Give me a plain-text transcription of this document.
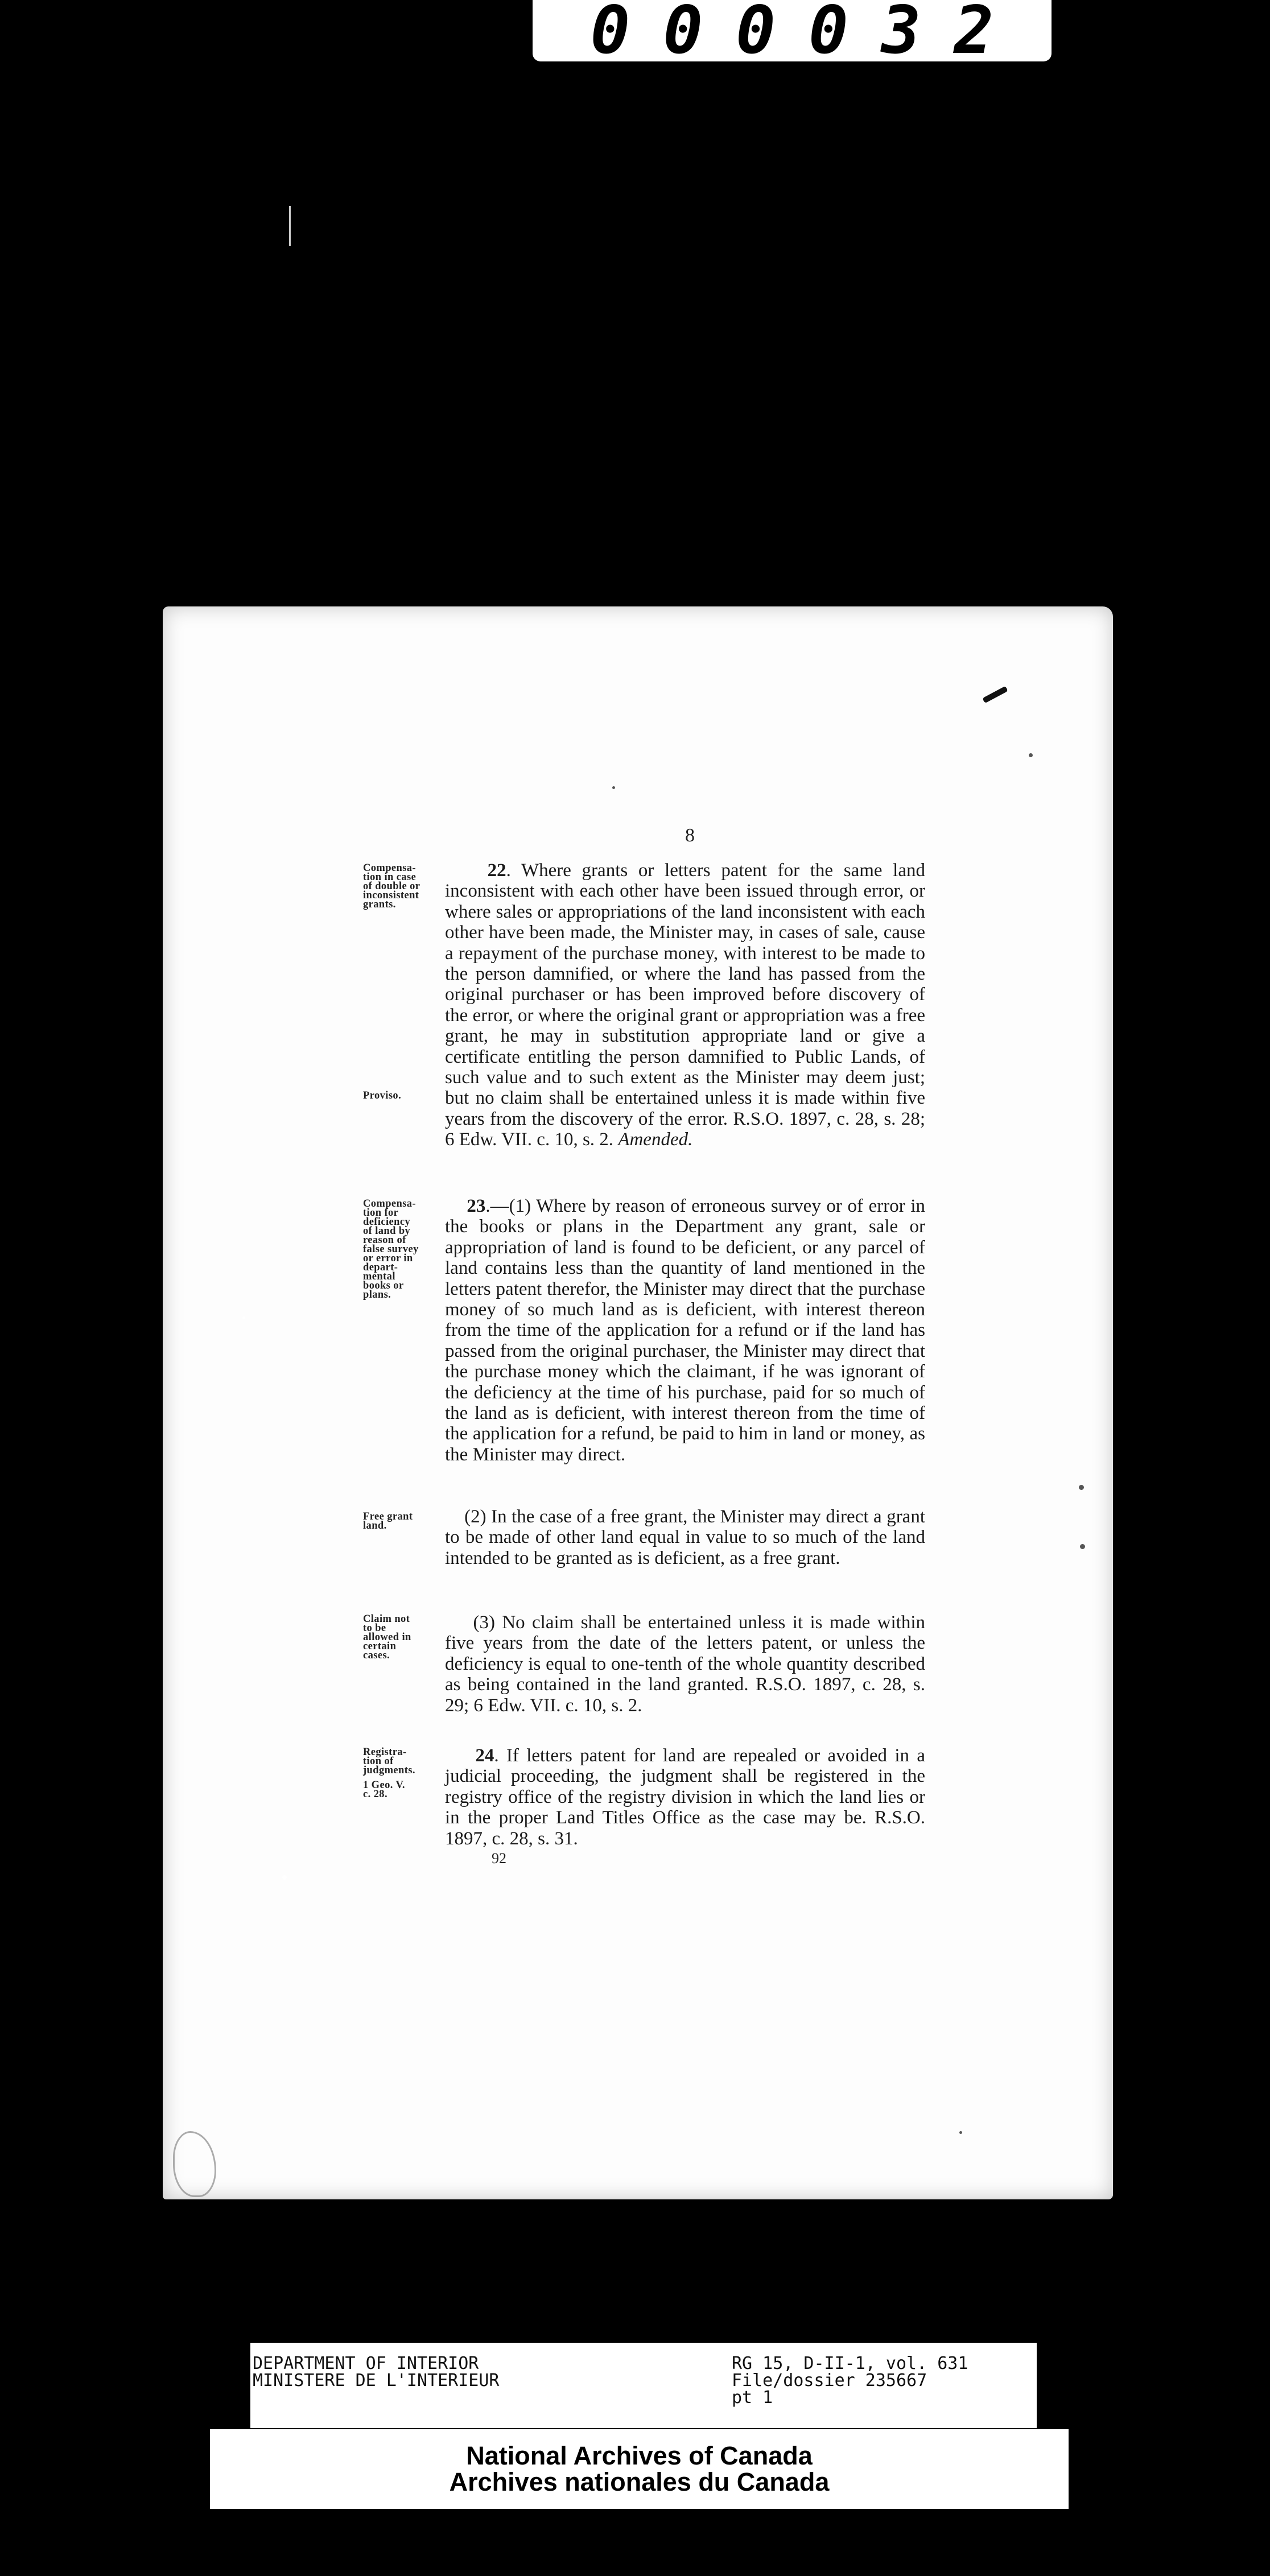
000032
8
Compensa-
tion in case
of double or
inconsistent
grants.
Proviso.
22. Where grants or letters patent for the same land inconsistent with each other have been issued through error, or where sales or appropriations of the land inconsistent with each other have been made, the Minister may, in cases of sale, cause a repayment of the purchase money, with interest to be made to the person damnified, or where the land has passed from the original purchaser or has been improved before discovery of the error, or where the original grant or appropriation was a free grant, he may in substitution appropriate land or give a certificate entitling the person damnified to Public Lands, of such value and to such extent as the Minister may deem just; but no claim shall be entertained unless it is made within five years from the discovery of the error. R.S.O. 1897, c. 28, s. 28; 6 Edw. VII. c. 10, s. 2. Amended.
Compensa-
tion for
deficiency
of land by
reason of
false survey
or error in
depart-
mental
books or
plans.
23.—(1) Where by reason of erroneous survey or of error in the books or plans in the Department any grant, sale or appropriation of land is found to be deficient, or any parcel of land contains less than the quantity of land mentioned in the letters patent therefor, the Minister may direct that the purchase money of so much land as is deficient, with interest thereon from the time of the application for a refund or if the land has passed from the original purchaser, the Minister may direct that the purchase money which the claimant, if he was ignorant of the deficiency at the time of his purchase, paid for so much of the land as is deficient, with interest thereon from the time of the application for a refund, be paid to him in land or money, as the Minister may direct.
Free grant
land.	(2) In the case of a free grant, the Minister may direct a grant to be made of other land equal in value to so much of the land intended to be granted as is deficient, as a free grant.
Claim not
to be
allowed in
certain
cases.
(3) No claim shall be entertained unless it is made within five years from the date of the letters patent, or unless the deficiency is equal to one-tenth of the whole quantity described as being contained in the land granted. R.S.O. 1897, c. 28, s. 29; 6 Edw. VII. c. 10, s. 2.
Registra-
tion of
judgments.
1 Geo. V.
c. 28.
24. If letters patent for land are repealed or avoided in a judicial proceeding, the judgment shall be registered in the registry office of the registry division in which the land lies or in the proper Land Titles Office as the case may be. R.S.O. 1897, c. 28, s. 31.
92
DEPARTMENT OF INTERIOR
MINISTERE DE L'INTERIEUR
RG 15, D-II-1, vol. 631
File/dossier 235667
pt 1
National Archives of Canada
Archives nationales du Canada
